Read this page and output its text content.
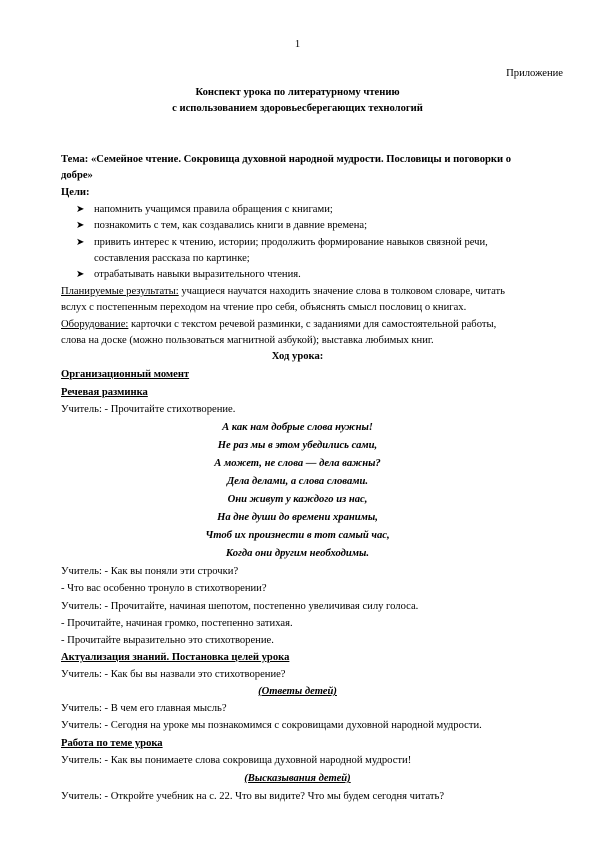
1
Приложение
Конспект урока по литературному чтению
с использованием здоровьесберегающих технологий
Тема: «Семейное чтение. Сокровища духовной народной мудрости. Пословицы и поговорки о
добре»
Цели:
➤ напомнить учащимся правила обращения с книгами;
➤ познакомить с тем, как создавались книги в давние времена;
➤ привить интерес к чтению, истории; продолжить формирование навыков связной речи,
составления рассказа по картинке;
➤ отрабатывать навыки выразительного чтения.
Планируемые результаты: учащиеся научатся находить значение слова в толковом словаре, читать
вслух с постепенным переходом на чтение про себя, объяснять смысл пословиц о книгах.
Оборудование: карточки с текстом речевой разминки, с заданиями для самостоятельной работы,
слова на доске (можно пользоваться магнитной азбукой); выставка любимых книг.
Ход урока:
Организационный момент
Речевая разминка
Учитель: - Прочитайте стихотворение.
А как нам добрые слова нужны!
Не раз мы в этом убедились сами,
А может, не слова — дела важны?
Дела делами, а слова словами.
Они живут у каждого из нас,
На дне души до времени хранимы,
Чтоб их произнести в тот самый час,
Когда они другим необходимы.
Учитель: - Как вы поняли эти строчки?
- Что вас особенно тронуло в стихотворении?
Учитель: - Прочитайте, начиная шепотом, постепенно увеличивая силу голоса.
- Прочитайте, начиная громко, постепенно затихая.
- Прочитайте выразительно это стихотворение.
Актуализация знаний. Постановка целей урока
Учитель: - Как бы вы назвали это стихотворение?
(Ответы детей)
Учитель: - В чем его главная мысль?
Учитель: - Сегодня на уроке мы познакомимся с сокровищами духовной народной мудрости.
Работа по теме урока
Учитель: - Как вы понимаете слова сокровища духовной народной мудрости!
(Высказывания детей)
Учитель: - Откройте учебник на с. 22. Что вы видите? Что мы будем сегодня читать?
